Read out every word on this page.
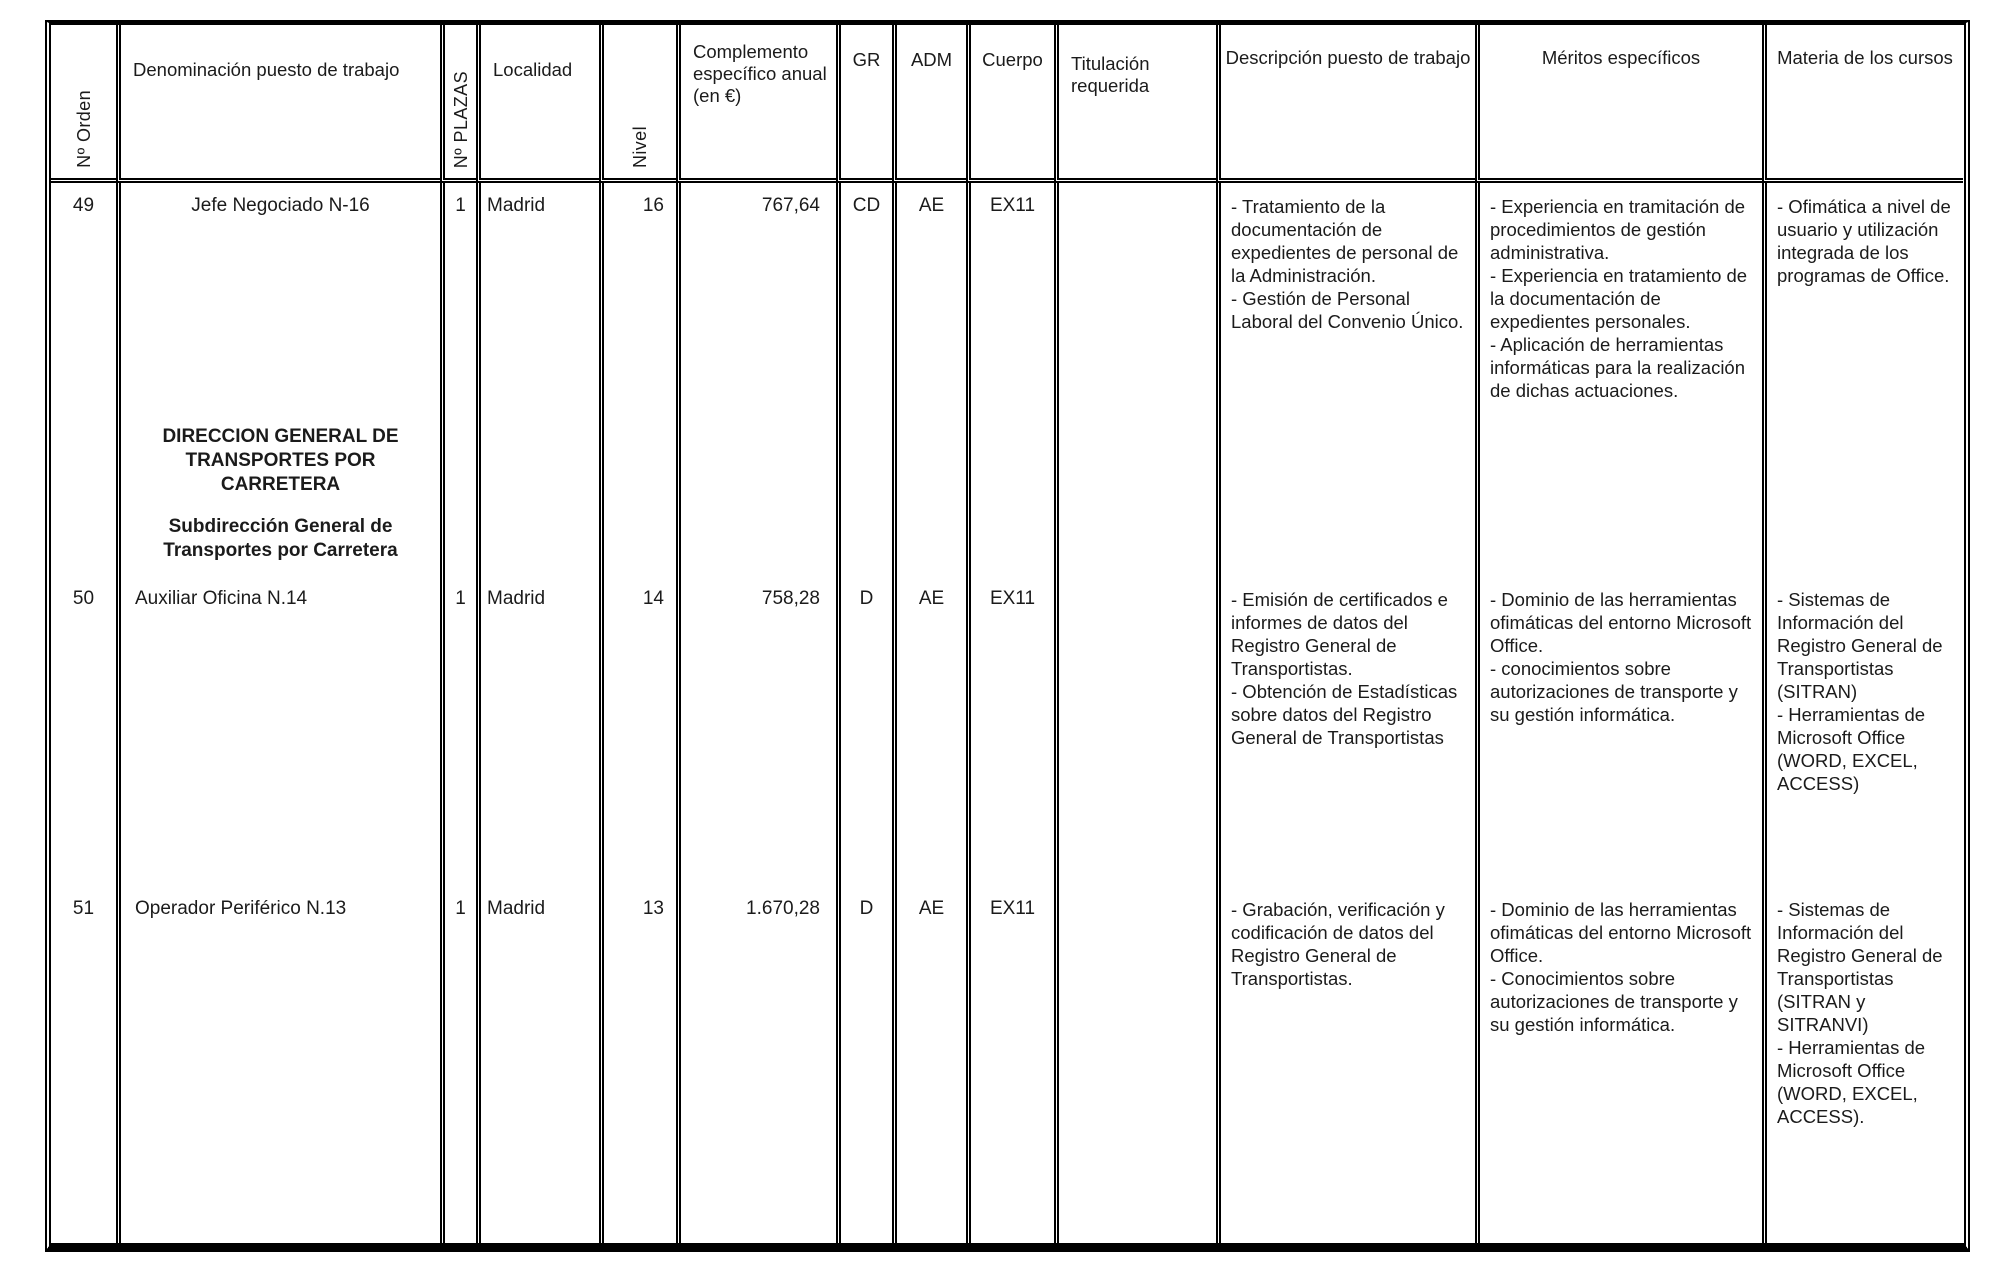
Nº Orden
Denominación puesto de trabajo
Nº PLAZAS
Localidad
Nivel
Complemento específico anual (en €)
GR ADM Cuerpo Titulación requerida
Descripción puesto de trabajo	Méritos específicos	Materia de los cursos
49
50
51
Jefe Negociado N-16
DIRECCION GENERAL DE TRANSPORTES POR CARRETERA
Subdirección General de Transportes por Carretera
Auxiliar Oficina N.14
Operador Periférico N.13
1
1
1
Madrid
Madrid
Madrid
16
14
13
767,64
758,28
1.670,28
CD
D
D
AE
AE
AE
EX11
EX11
EX11
- Tratamiento de la documentación de expedientes de personal de la Administración.
- Gestión de Personal Laboral del Convenio Único.
- Emisión de certificados e informes de datos del Registro General de Transportistas.
- Obtención de Estadísticas sobre datos del Registro General de Transportistas
- Grabación, verificación y codificación de datos del Registro General de Transportistas.
- Experiencia en tramitación de procedimientos de gestión administrativa.
- Experiencia en tratamiento de la documentación de expedientes personales.
- Aplicación de herramientas informáticas para la realización de dichas actuaciones.
- Dominio de las herramientas ofimáticas del entorno Microsoft Office.
- conocimientos sobre autorizaciones de transporte y su gestión informática.
- Dominio de las herramientas ofimáticas del entorno Microsoft Office.
- Conocimientos sobre autorizaciones de transporte y su gestión informática.
- Ofimática a nivel de usuario y utilización integrada de los programas de Office.
- Sistemas de Información del Registro General de Transportistas (SITRAN)
- Herramientas de Microsoft Office (WORD, EXCEL, ACCESS)
- Sistemas de Información del Registro General de Transportistas (SITRAN y SITRANVI)
- Herramientas de Microsoft Office (WORD, EXCEL, ACCESS).
